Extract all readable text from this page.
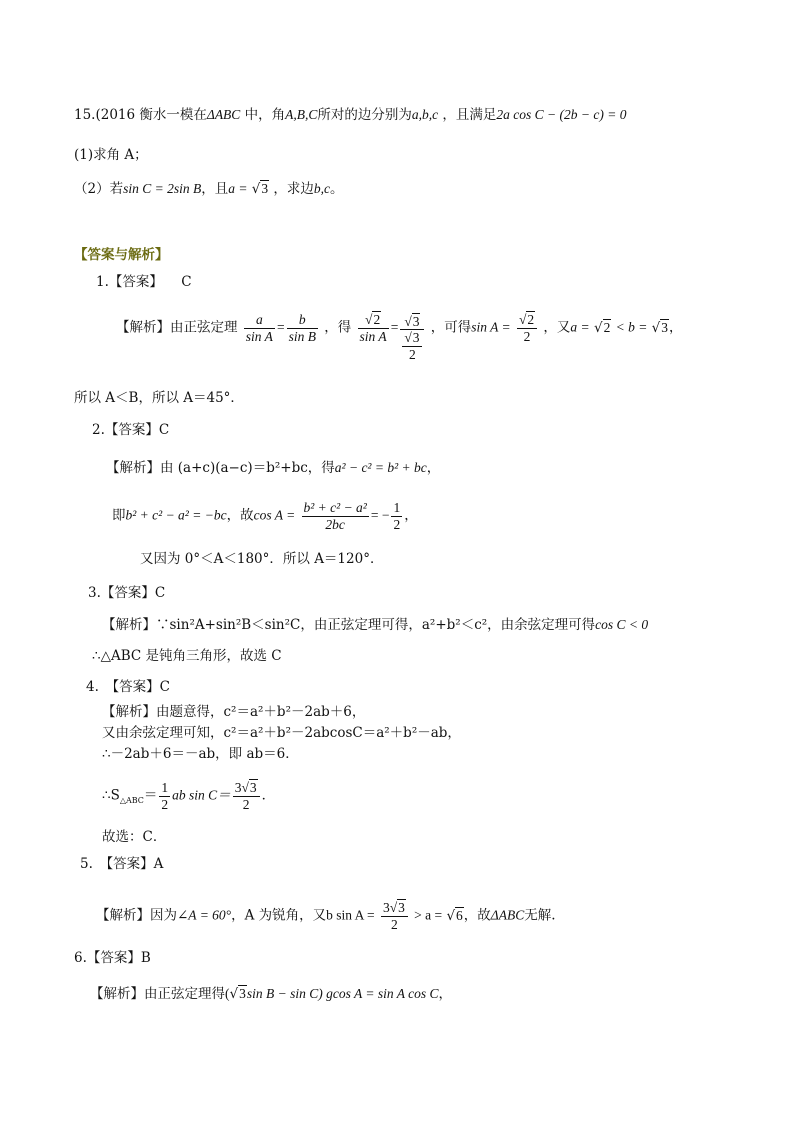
15.(2016 衡水一模在ΔABC 中，角A,B,C所对的边分别为a,b,c ，且满足2a cos C − (2b − c) = 0
(1)求角 A；
（2）若sin C = 2sin B，且a = √3 ，求边b,c。
【答案与解析】
1.【答案】 C
【解析】由正弦定理 $\frac{a}{\text{sin A}} = \frac{b}{\text{sin B}}$ ，得 $\frac{√2}{\text{sin A}} = \frac{√3}{\frac{√3}{2}}$ ，可得$\sin A = \frac{√2}{2}$ ，又a = √2 < b = √3，
所以 A＜B，所以 A＝45°．
2.【答案】C
【解析】由 (a+c)(a−c)＝b²+bc，得a² − c² = b² + bc，
即b² + c² − a² = −bc，故$\cos A = \frac{\text{b² + c² − a²}}{2bc}$ = − $\frac{1}{2}$ ，
又因为 0°＜A＜180°．所以 A＝120°．
3.【答案】C
【解析】∵sin²A+sin²B＜sin²C，由正弦定理可得，a²+b²＜c²，由余弦定理可得cos C < 0
∴△ABC 是钝角三角形，故选 C
4.　【答案】C
【解析】由题意得，c²＝a²＋b²－2ab＋6，
又由余弦定理可知，c²＝a²＋b²－2abcosC＝a²＋b²－ab，
∴－2ab＋6＝－ab，即 ab＝6．
$\therefore S_{\triangle ABC}= \frac{1}{2}$ ab $\sin C= \frac{3√3}{2}$ ．
故选：C．
5.　【答案】A
【解析】因为∠A = 60°，A 为锐角，又b $\sin A = \frac{3√3}{2} > a = √6$，故ΔABC无解.
6.【答案】B
【解析】由正弦定理得(√3sin B − sin C) gcos A = sin A cos C，
